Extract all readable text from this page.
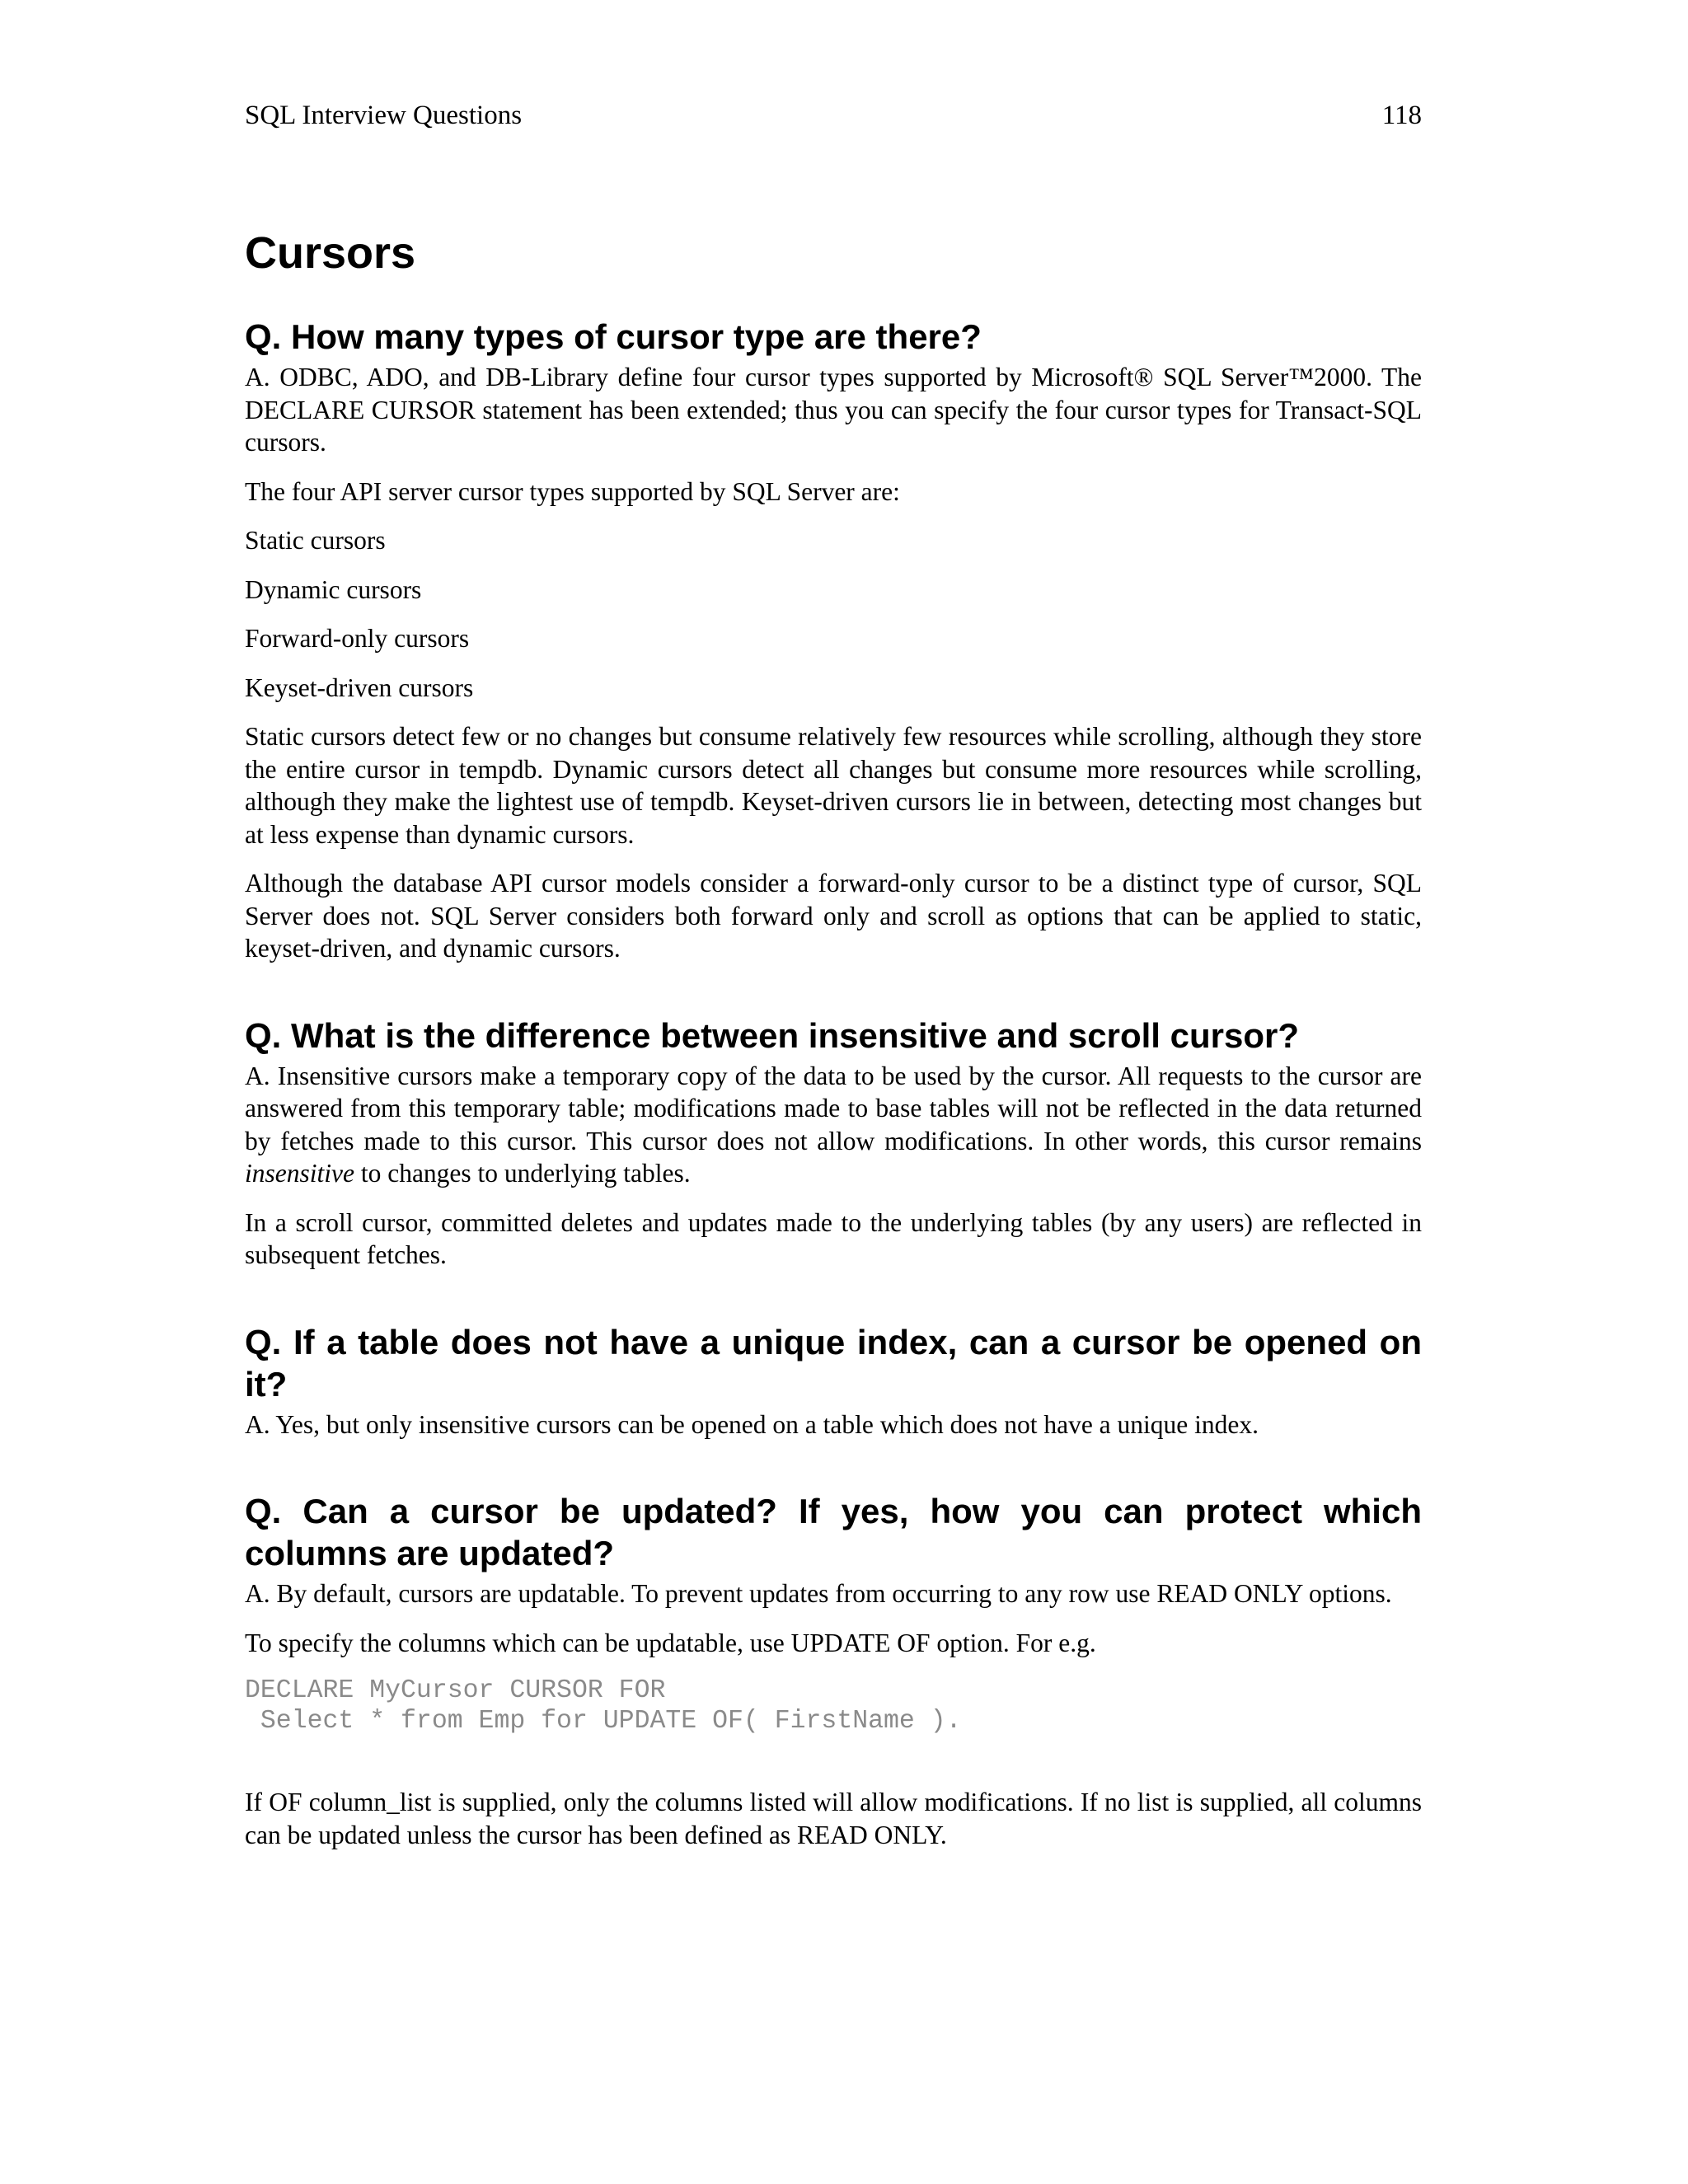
SQL Interview Questions	118
Cursors
Q. How many types of cursor type are there?

A. ODBC, ADO, and DB-Library define four cursor types supported by Microsoft® SQL Server™2000. The DECLARE CURSOR statement has been extended; thus you can specify the four cursor types for Transact-SQL cursors.

The four API server cursor types supported by SQL Server are:

Static cursors

Dynamic cursors

Forward-only cursors

Keyset-driven cursors

Static cursors detect few or no changes but consume relatively few resources while scrolling, although they store the entire cursor in tempdb. Dynamic cursors detect all changes but consume more resources while scrolling, although they make the lightest use of tempdb. Keyset-driven cursors lie in between, detecting most changes but at less expense than dynamic cursors.

Although the database API cursor models consider a forward-only cursor to be a distinct type of cursor, SQL Server does not. SQL Server considers both forward only and scroll as options that can be applied to static, keyset-driven, and dynamic cursors.

Q. What is the difference between insensitive and scroll cursor?

A. Insensitive cursors make a temporary copy of the data to be used by the cursor. All requests to the cursor are answered from this temporary table; modifications made to base tables will not be reflected in the data returned by fetches made to this cursor. This cursor does not allow modifications. In other words, this cursor remains insensitive to changes to underlying tables.

In a scroll cursor, committed deletes and updates made to the underlying tables (by any users) are reflected in subsequent fetches.

Q. If a table does not have a unique index, can a cursor be opened on it?

A. Yes, but only insensitive cursors can be opened on a table which does not have a unique index.

Q. Can a cursor be updated? If yes, how you can protect which columns are updated?

A. By default, cursors are updatable. To prevent updates from occurring to any row use READ ONLY options.

To specify the columns which can be updatable, use UPDATE OF option. For e.g.

DECLARE MyCursor CURSOR FOR
Select * from Emp for UPDATE OF( FirstName ).

If OF column_list is supplied, only the columns listed will allow modifications. If no list is supplied, all columns can be updated unless the cursor has been defined as READ ONLY.
